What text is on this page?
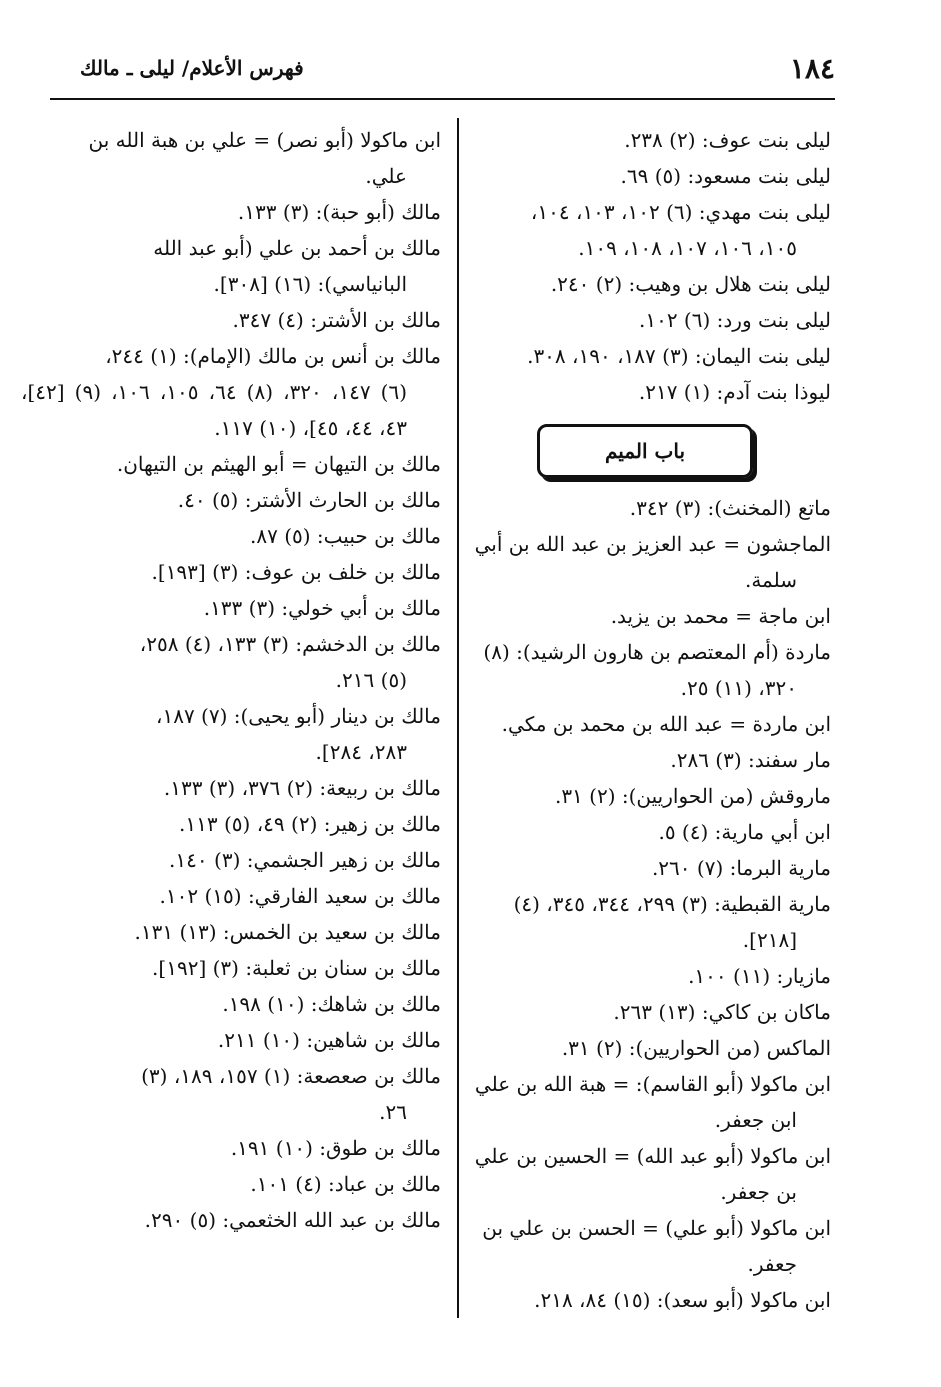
١٨٤
فهرس الأعلام/ ليلى ـ مالك
ليلى بنت عوف: (٢) ٢٣٨.
ليلى بنت مسعود: (٥) ٦٩.
ليلى بنت مهدي: (٦) ١٠٢، ١٠٣، ١٠٤،
١٠٥، ١٠٦، ١٠٧، ١٠٨، ١٠٩.
ليلى بنت هلال بن وهيب: (٢) ٢٤٠.
ليلى بنت ورد: (٦) ١٠٢.
ليلى بنت اليمان: (٣) ١٨٧، ١٩٠، ٣٠٨.
ليوذا بنت آدم: (١) ٢١٧.
باب الميم
ماتع (المخنث): (٣) ٣٤٢.
الماجشون = عبد العزيز بن عبد الله بن أبي
سلمة.
ابن ماجة = محمد بن يزيد.
ماردة (أم المعتصم بن هارون الرشيد): (٨)
٣٢٠، (١١) ٢٥.
ابن ماردة = عبد الله بن محمد بن مكي.
مار سفند: (٣) ٢٨٦.
ماروقش (من الحواريين): (٢) ٣١.
ابن أبي مارية: (٤) ٥.
مارية البرما: (٧) ٢٦٠.
مارية القبطية: (٣) ٢٩٩، ٣٤٤، ٣٤٥، (٤)
[٢١٨].
مازيار: (١١) ١٠٠.
ماكان بن كاكي: (١٣) ٢٦٣.
الماكس (من الحواريين): (٢) ٣١.
ابن ماكولا (أبو القاسم): = هبة الله بن علي
ابن جعفر.
ابن ماكولا (أبو عبد الله) = الحسين بن علي
بن جعفر.
ابن ماكولا (أبو علي) = الحسن بن علي بن
جعفر.
ابن ماكولا (أبو سعد): (١٥) ٨٤، ٢١٨.
ابن ماكولا (أبو نصر) = علي بن هبة الله بن
علي.
مالك (أبو حبة): (٣) ١٣٣.
مالك بن أحمد بن علي (أبو عبد الله
البانياسي): (١٦) [٣٠٨].
مالك بن الأشتر: (٤) ٣٤٧.
مالك بن أنس بن مالك (الإمام): (١) ٢٤٤،
(٦) ١٤٧، ٣٢٠، (٨) ٦٤، ١٠٥، ١٠٦، (٩) [٤٢]، ٤٣، ٤٤، ٤٥]، (١٠) ١١٧.
مالك بن التيهان = أبو الهيثم بن التيهان.
مالك بن الحارث الأشتر: (٥) ٤٠.
مالك بن حبيب: (٥) ٨٧.
مالك بن خلف بن عوف: (٣) [١٩٣].
مالك بن أبي خولي: (٣) ١٣٣.
مالك بن الدخشم: (٣) ١٣٣، (٤) ٢٥٨،
(٥) ٢١٦.
مالك بن دينار (أبو يحيى): (٧) ١٨٧،
٢٨٣، ٢٨٤].
مالك بن ربيعة: (٢) ٣٧٦، (٣) ١٣٣.
مالك بن زهير: (٢) ٤٩، (٥) ١١٣.
مالك بن زهير الجشمي: (٣) ١٤٠.
مالك بن سعيد الفارقي: (١٥) ١٠٢.
مالك بن سعيد بن الخمس: (١٣) ١٣١.
مالك بن سنان بن ثعلبة: (٣) [١٩٢].
مالك بن شاهك: (١٠) ١٩٨.
مالك بن شاهين: (١٠) ٢١١.
مالك بن صعصعة: (١) ١٥٧، ١٨٩، (٣)
٢٦.
مالك بن طوق: (١٠) ١٩١.
مالك بن عباد: (٤) ١٠١.
مالك بن عبد الله الخثعمي: (٥) ٢٩٠.
